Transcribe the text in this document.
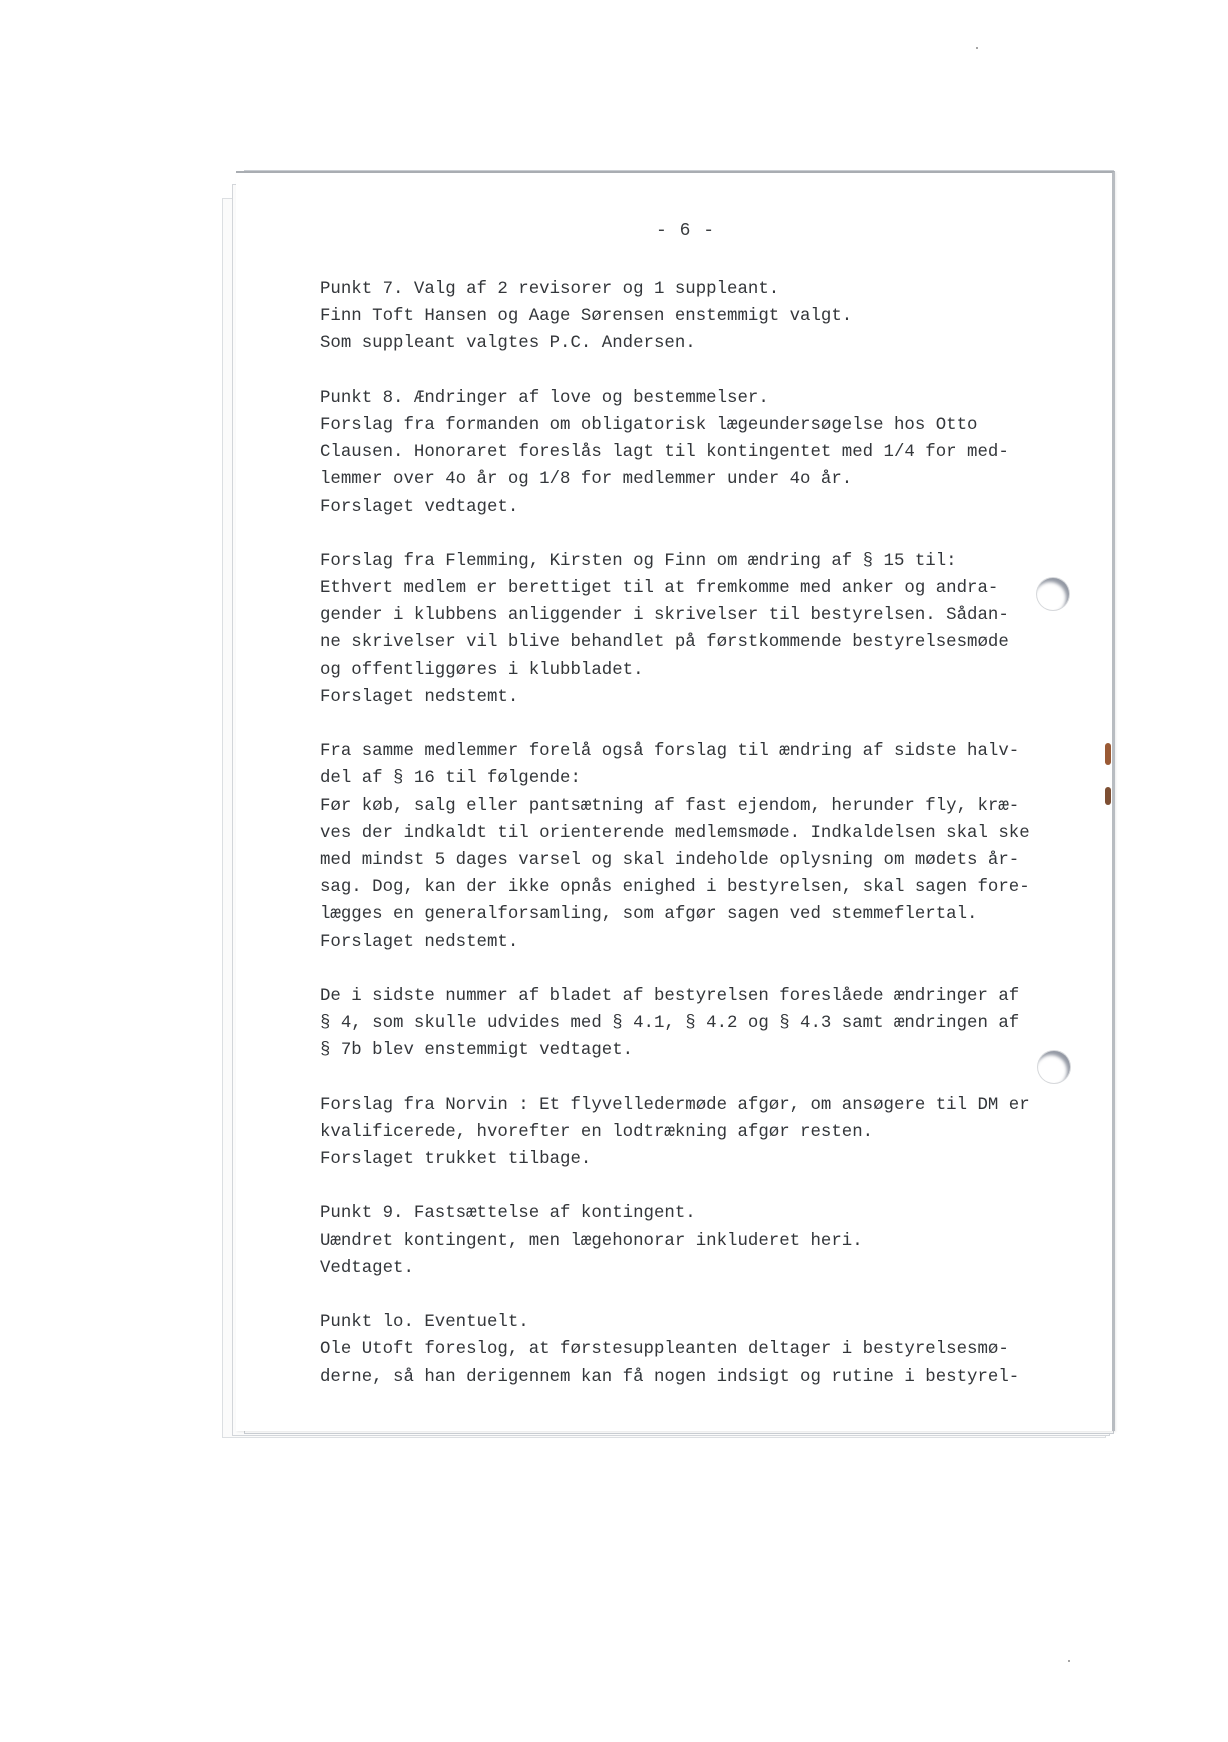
- 6 -
Punkt 7. Valg af 2 revisorer og 1 suppleant.
Finn Toft Hansen og Aage Sørensen enstemmigt valgt.
Som suppleant valgtes P.C. Andersen.
Punkt 8. Ændringer af love og bestemmelser.
Forslag fra formanden om obligatorisk lægeundersøgelse hos Otto
Clausen. Honoraret foreslås lagt til kontingentet med 1/4 for med-
lemmer over 4o år og 1/8 for medlemmer under 4o år.
Forslaget vedtaget.
Forslag fra Flemming, Kirsten og Finn om ændring af § 15 til:
Ethvert medlem er berettiget til at fremkomme med anker og andra-
gender i klubbens anliggender i skrivelser til bestyrelsen. Sådan-
ne skrivelser vil blive behandlet på førstkommende bestyrelsesmøde
og offentliggøres i klubbladet.
Forslaget nedstemt.
Fra samme medlemmer forelå også forslag til ændring af sidste halv-
del af § 16 til følgende:
Før køb, salg eller pantsætning af fast ejendom, herunder fly, kræ-
ves der indkaldt til orienterende medlemsmøde. Indkaldelsen skal ske
med mindst 5 dages varsel og skal indeholde oplysning om mødets år-
sag. Dog, kan der ikke opnås enighed i bestyrelsen, skal sagen fore-
lægges en generalforsamling, som afgør sagen ved stemmeflertal.
Forslaget nedstemt.
De i sidste nummer af bladet af bestyrelsen foreslåede ændringer af
§ 4, som skulle udvides med § 4.1, § 4.2 og § 4.3 samt ændringen af
§ 7b blev enstemmigt vedtaget.
Forslag fra Norvin : Et flyvelledermøde afgør, om ansøgere til DM er
kvalificerede, hvorefter en lodtrækning afgør resten.
Forslaget trukket tilbage.
Punkt 9. Fastsættelse af kontingent.
Uændret kontingent, men lægehonorar inkluderet heri.
Vedtaget.
Punkt lo. Eventuelt.
Ole Utoft foreslog, at førstesuppleanten deltager i bestyrelsesmø-
derne, så han derigennem kan få nogen indsigt og rutine i bestyrel-
